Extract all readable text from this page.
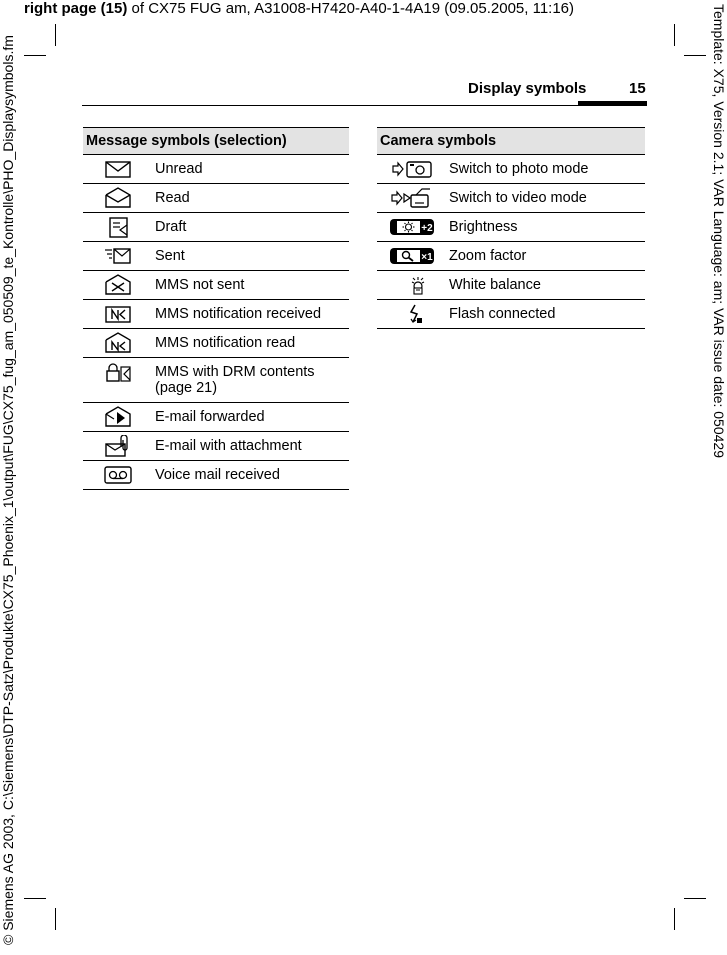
right page (15) of CX75 FUG am, A31008-H7420-A40-1-4A19 (09.05.2005, 11:16)
© Siemens AG 2003, C:\Siemens\DTP-Satz\Produkte\CX75_Phoenix_1\output\FUG\CX75_fug_am_050509_te_Kontrolle\PHO_Displaysymbols.fm	Template: X75, Version 2.1; VAR Language: am; VAR issue date: 050429
Display symbols	15
Message symbols (selection)	

	Unread

	Read

	Draft

	Sent

	MMS not sent

	MMS notification received

	MMS notification read

	MMS with DRM contents (page 21)

	E-mail forwarded

	E-mail with attachment

	Voice mail received
Camera symbols	

	Switch to photo mode

	Switch to video mode

+2	Brightness

×1	Zoom factor

	White balance

	Flash connected
